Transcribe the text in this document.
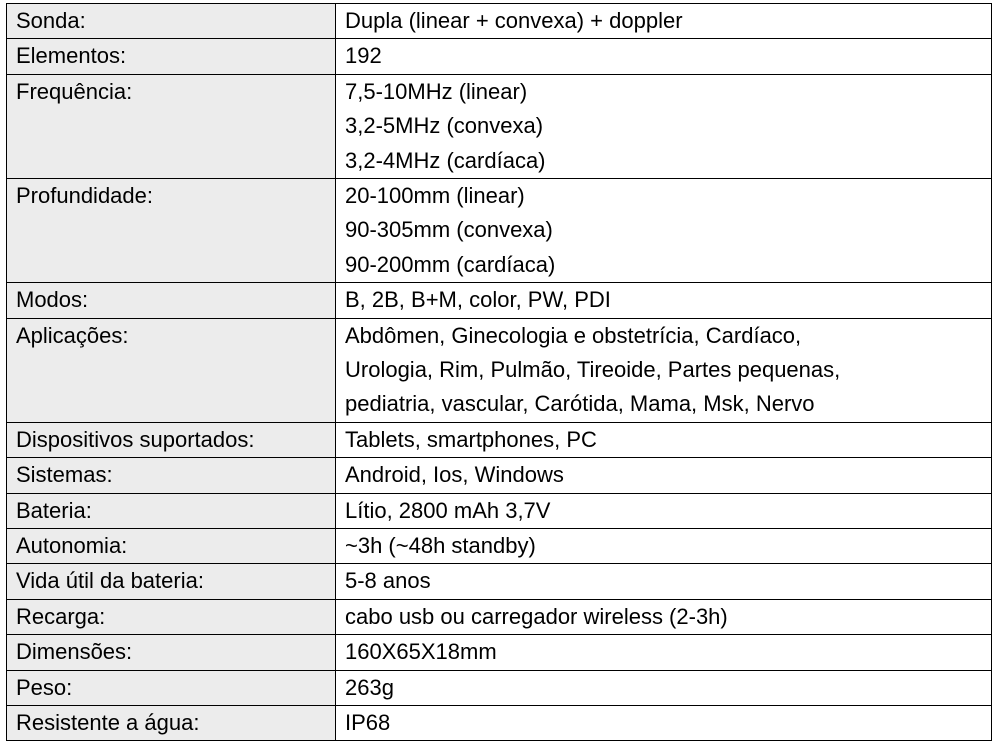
Sonda:	Dupla (linear + convexa) + doppler

Elementos:	192

Frequência:	7,5-10MHz (linear)
3,2-5MHz (convexa)
3,2-4MHz (cardíaca)

Profundidade:	20-100mm (linear)
90-305mm (convexa)
90-200mm (cardíaca)

Modos:	B, 2B, B+M, color, PW, PDI

Aplicações:	Abdômen, Ginecologia e obstetrícia, Cardíaco,
Urologia, Rim, Pulmão, Tireoide, Partes pequenas,
pediatria, vascular, Carótida, Mama, Msk, Nervo

Dispositivos suportados:	Tablets, smartphones, PC

Sistemas:	Android, Ios, Windows

Bateria:	Lítio, 2800 mAh 3,7V

Autonomia:	~3h (~48h standby)

Vida útil da bateria:	5-8 anos

Recarga:	cabo usb ou carregador wireless (2-3h)

Dimensões:	160X65X18mm

Peso:	263g

Resistente a água:	IP68
